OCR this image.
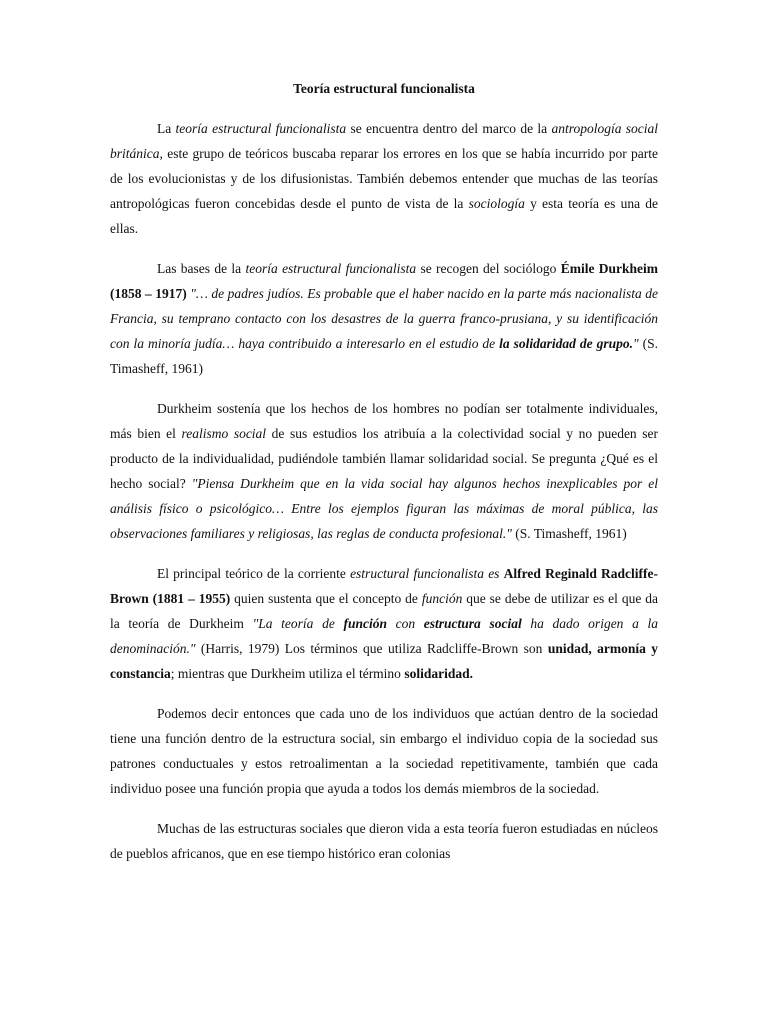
Teoría estructural funcionalista

La teoría estructural funcionalista se encuentra dentro del marco de la antropología social británica, este grupo de teóricos buscaba reparar los errores en los que se había incurrido por parte de los evolucionistas y de los difusionistas. También debemos entender que muchas de las teorías antropológicas fueron concebidas desde el punto de vista de la sociología y esta teoría es una de ellas.

Las bases de la teoría estructural funcionalista se recogen del sociólogo Émile Durkheim (1858 – 1917) "… de padres judíos. Es probable que el haber nacido en la parte más nacionalista de Francia, su temprano contacto con los desastres de la guerra franco-prusiana, y su identificación con la minoría judía… haya contribuido a interesarlo en el estudio de la solidaridad de grupo." (S. Timasheff, 1961)

Durkheim sostenía que los hechos de los hombres no podían ser totalmente individuales, más bien el realismo social de sus estudios los atribuía a la colectividad social y no pueden ser producto de la individualidad, pudiéndole también llamar solidaridad social. Se pregunta ¿Qué es el hecho social? "Piensa Durkheim que en la vida social hay algunos hechos inexplicables por el análisis físico o psicológico… Entre los ejemplos figuran las máximas de moral pública, las observaciones familiares y religiosas, las reglas de conducta profesional." (S. Timasheff, 1961)

El principal teórico de la corriente estructural funcionalista es Alfred Reginald Radcliffe-Brown (1881 – 1955) quien sustenta que el concepto de función que se debe de utilizar es el que da la teoría de Durkheim "La teoría de función con estructura social ha dado origen a la denominación." (Harris, 1979) Los términos que utiliza Radcliffe-Brown son unidad, armonía y constancia; mientras que Durkheim utiliza el término solidaridad.

Podemos decir entonces que cada uno de los individuos que actúan dentro de la sociedad tiene una función dentro de la estructura social, sin embargo el individuo copia de la sociedad sus patrones conductuales y estos retroalimentan a la sociedad repetitivamente, también que cada individuo posee una función propia que ayuda a todos los demás miembros de la sociedad.

Muchas de las estructuras sociales que dieron vida a esta teoría fueron estudiadas en núcleos de pueblos africanos, que en ese tiempo histórico eran colonias
